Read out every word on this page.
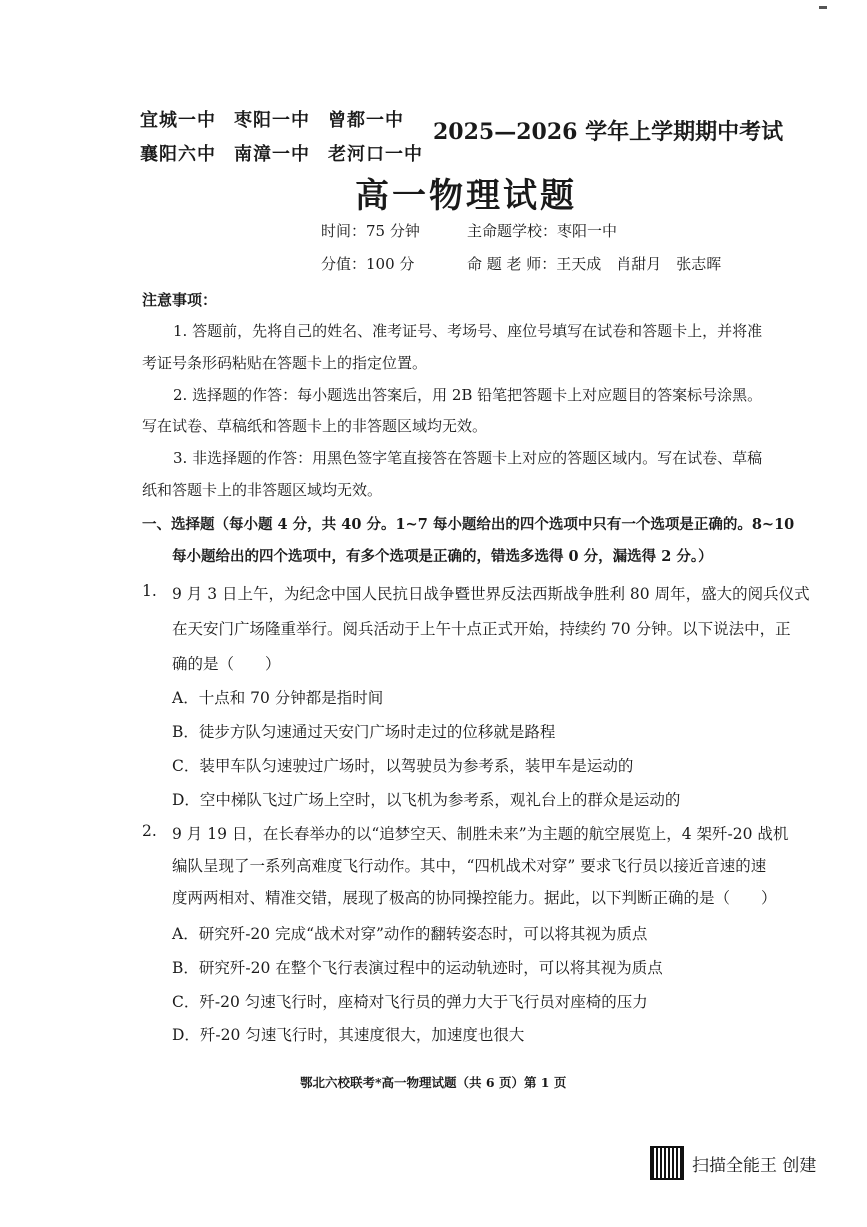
宜城一中 枣阳一中 曾都一中
襄阳六中 南漳一中 老河口一中
2025—2026 学年上学期期中考试
高一物理试题
时间：75 分钟	主命题学校：枣阳一中
分值：100 分	命 题 老 师：王天成　肖甜月　张志晖
注意事项：
1. 答题前，先将自己的姓名、准考证号、考场号、座位号填写在试卷和答题卡上，并将准
考证号条形码粘贴在答题卡上的指定位置。
2. 选择题的作答：每小题选出答案后，用 2B 铅笔把答题卡上对应题目的答案标号涂黑。
写在试卷、草稿纸和答题卡上的非答题区域均无效。
3. 非选择题的作答：用黑色签字笔直接答在答题卡上对应的答题区域内。写在试卷、草稿
纸和答题卡上的非答题区域均无效。
一、选择题（每小题 4 分，共 40 分。1~7 每小题给出的四个选项中只有一个选项是正确的。8~10
每小题给出的四个选项中，有多个选项是正确的，错选多选得 0 分，漏选得 2 分。）
1. 9 月 3 日上午，为纪念中国人民抗日战争暨世界反法西斯战争胜利 80 周年，盛大的阅兵仪式
在天安门广场隆重举行。阅兵活动于上午十点正式开始，持续约 70 分钟。以下说法中，正
确的是（　　）
A．十点和 70 分钟都是指时间
B．徒步方队匀速通过天安门广场时走过的位移就是路程
C．装甲车队匀速驶过广场时，以驾驶员为参考系，装甲车是运动的
D．空中梯队飞过广场上空时，以飞机为参考系，观礼台上的群众是运动的
2. 9 月 19 日，在长春举办的以“追梦空天、制胜未来”为主题的航空展览上，4 架歼-20 战机
编队呈现了一系列高难度飞行动作。其中，“四机战术对穿” 要求飞行员以接近音速的速
度两两相对、精准交错，展现了极高的协同操控能力。据此，以下判断正确的是（　　）
A．研究歼-20 完成“战术对穿”动作的翻转姿态时，可以将其视为质点
B．研究歼-20 在整个飞行表演过程中的运动轨迹时，可以将其视为质点
C．歼-20 匀速飞行时，座椅对飞行员的弹力大于飞行员对座椅的压力
D．歼-20 匀速飞行时，其速度很大，加速度也很大
鄂北六校联考*高一物理试题（共 6 页）第 1 页
扫描全能王 创建
